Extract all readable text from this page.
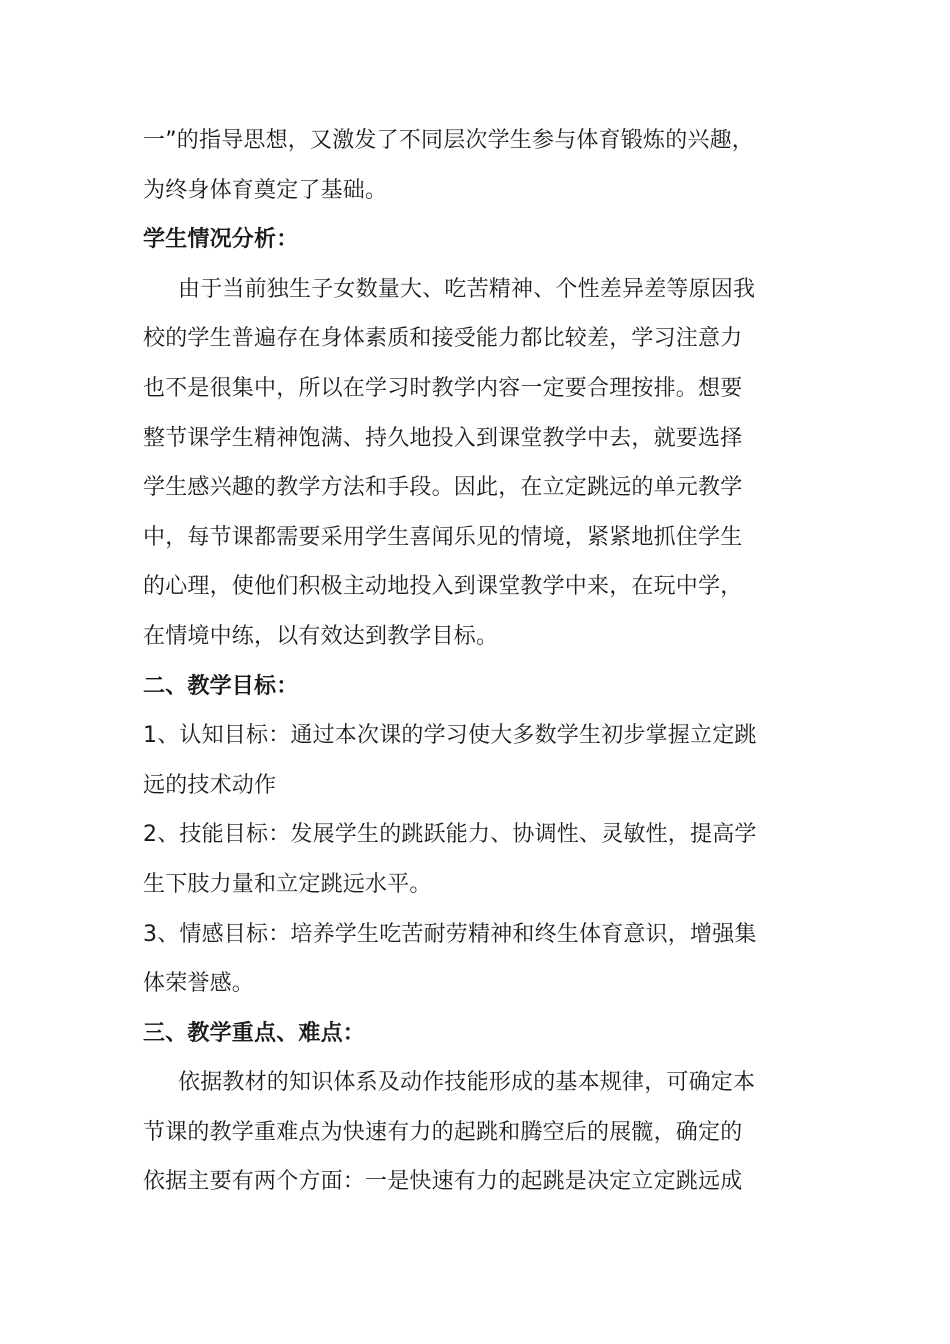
一”的指导思想，又激发了不同层次学生参与体育锻炼的兴趣，
为终身体育奠定了基础。
学生情况分析：
由于当前独生子女数量大、吃苦精神、个性差异差等原因我
校的学生普遍存在身体素质和接受能力都比较差，学习注意力
也不是很集中，所以在学习时教学内容一定要合理按排。想要
整节课学生精神饱满、持久地投入到课堂教学中去，就要选择
学生感兴趣的教学方法和手段。因此，在立定跳远的单元教学
中，每节课都需要采用学生喜闻乐见的情境，紧紧地抓住学生
的心理，使他们积极主动地投入到课堂教学中来，在玩中学，
在情境中练，以有效达到教学目标。
二、教学目标：
1、认知目标：通过本次课的学习使大多数学生初步掌握立定跳
远的技术动作
2、技能目标：发展学生的跳跃能力、协调性、灵敏性，提高学
生下肢力量和立定跳远水平。
3、情感目标：培养学生吃苦耐劳精神和终生体育意识，增强集
体荣誉感。
三、教学重点、难点：
依据教材的知识体系及动作技能形成的基本规律，可确定本
节课的教学重难点为快速有力的起跳和腾空后的展髋，确定的
依据主要有两个方面：一是快速有力的起跳是决定立定跳远成
